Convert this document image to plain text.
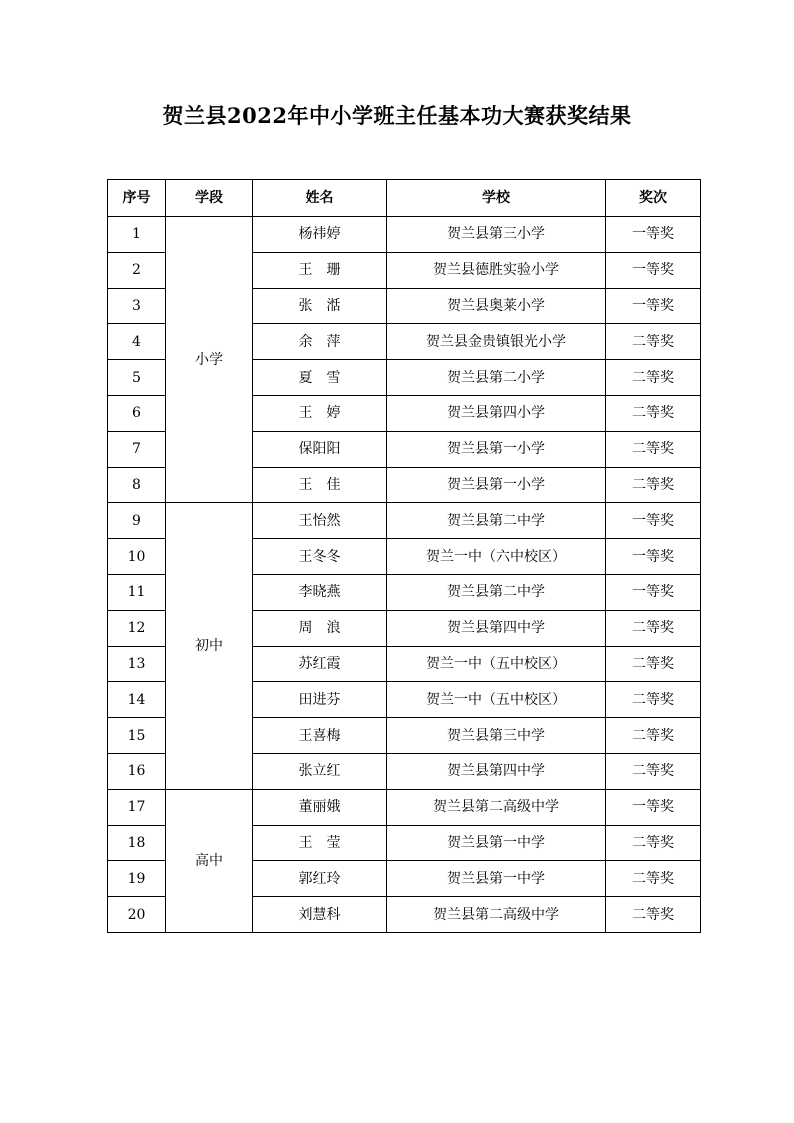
贺兰县2022年中小学班主任基本功大赛获奖结果
序号	学段	姓名	学校	奖次
1	小学	杨祎婷	贺兰县第三小学	一等奖
2		王　珊	贺兰县德胜实验小学	一等奖
3		张　湉	贺兰县奥莱小学	一等奖
4		余　萍	贺兰县金贵镇银光小学	二等奖
5		夏　雪	贺兰县第二小学	二等奖
6		王　婷	贺兰县第四小学	二等奖
7		保阳阳	贺兰县第一小学	二等奖
8		王　佳	贺兰县第一小学	二等奖
9	初中	王怡然	贺兰县第二中学	一等奖
10		王冬冬	贺兰一中（六中校区）	一等奖
11		李晓燕	贺兰县第二中学	一等奖
12		周　浪	贺兰县第四中学	二等奖
13		苏红霞	贺兰一中（五中校区）	二等奖
14		田进芬	贺兰一中（五中校区）	二等奖
15		王喜梅	贺兰县第三中学	二等奖
16		张立红	贺兰县第四中学	二等奖
17	高中	董丽娥	贺兰县第二高级中学	一等奖
18		王　莹	贺兰县第一中学	二等奖
19		郭红玲	贺兰县第一中学	二等奖
20		刘慧科	贺兰县第二高级中学	二等奖
